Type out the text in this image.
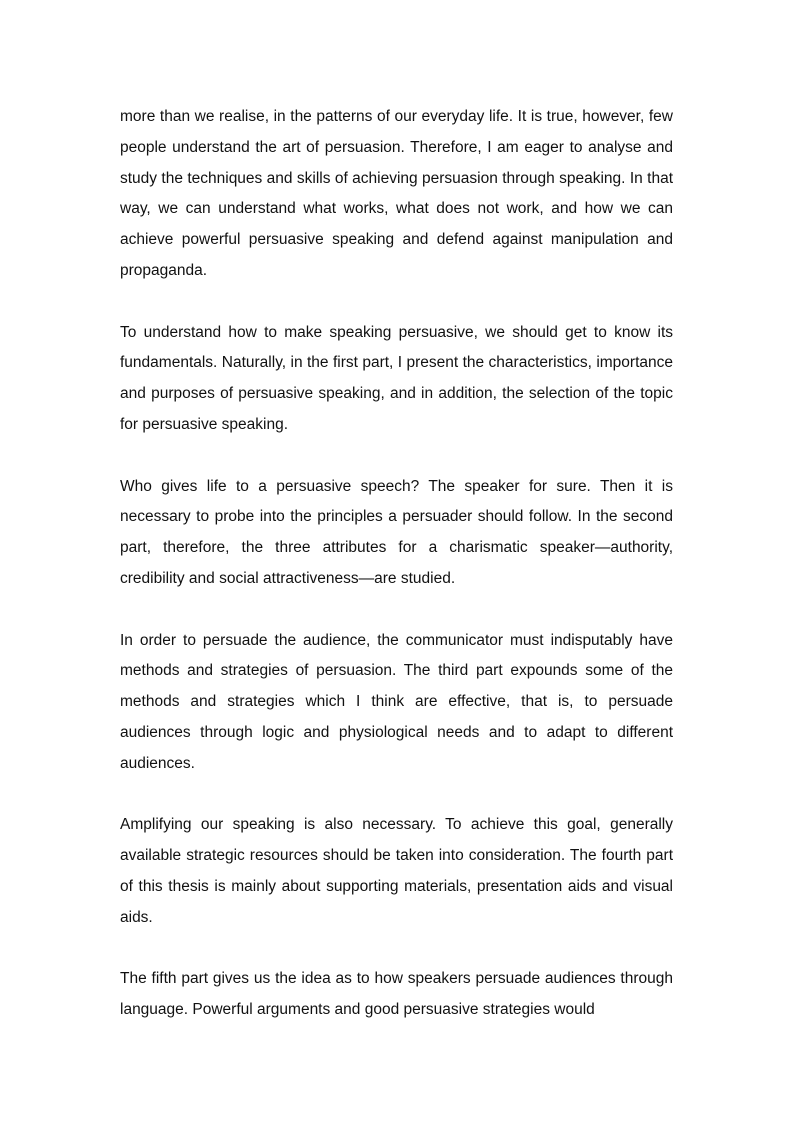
more than we realise, in the patterns of our everyday life. It is true, however, few people understand the art of persuasion. Therefore, I am eager to analyse and study the techniques and skills of achieving persuasion through speaking. In that way, we can understand what works, what does not work, and how we can achieve powerful persuasive speaking and defend against manipulation and propaganda.

To understand how to make speaking persuasive, we should get to know its fundamentals. Naturally, in the first part, I present the characteristics, importance and purposes of persuasive speaking, and in addition, the selection of the topic for persuasive speaking.

Who gives life to a persuasive speech? The speaker for sure. Then it is necessary to probe into the principles a persuader should follow. In the second part, therefore, the three attributes for a charismatic speaker—authority, credibility and social attractiveness—are studied.

In order to persuade the audience, the communicator must indisputably have methods and strategies of persuasion. The third part expounds some of the methods and strategies which I think are effective, that is, to persuade audiences through logic and physiological needs and to adapt to different audiences.

Amplifying our speaking is also necessary. To achieve this goal, generally available strategic resources should be taken into consideration. The fourth part of this thesis is mainly about supporting materials, presentation aids and visual aids.

The fifth part gives us the idea as to how speakers persuade audiences through language. Powerful arguments and good persuasive strategies would
